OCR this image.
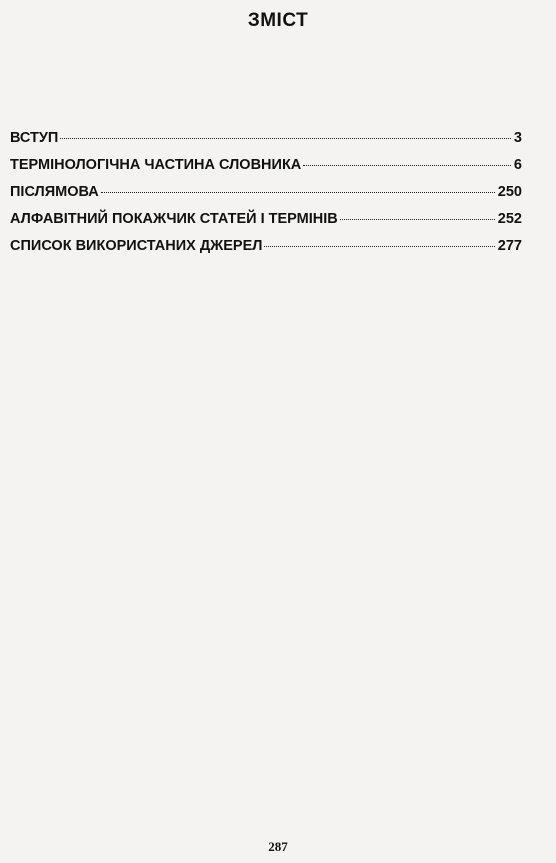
ЗМІСТ
ВСТУП	3
ТЕРМІНОЛОГІЧНА ЧАСТИНА СЛОВНИКА	6
ПІСЛЯМОВА	250
АЛФАВІТНИЙ ПОКАЖЧИК СТАТЕЙ І ТЕРМІНІВ	252
СПИСОК ВИКОРИСТАНИХ ДЖЕРЕЛ	277
287
